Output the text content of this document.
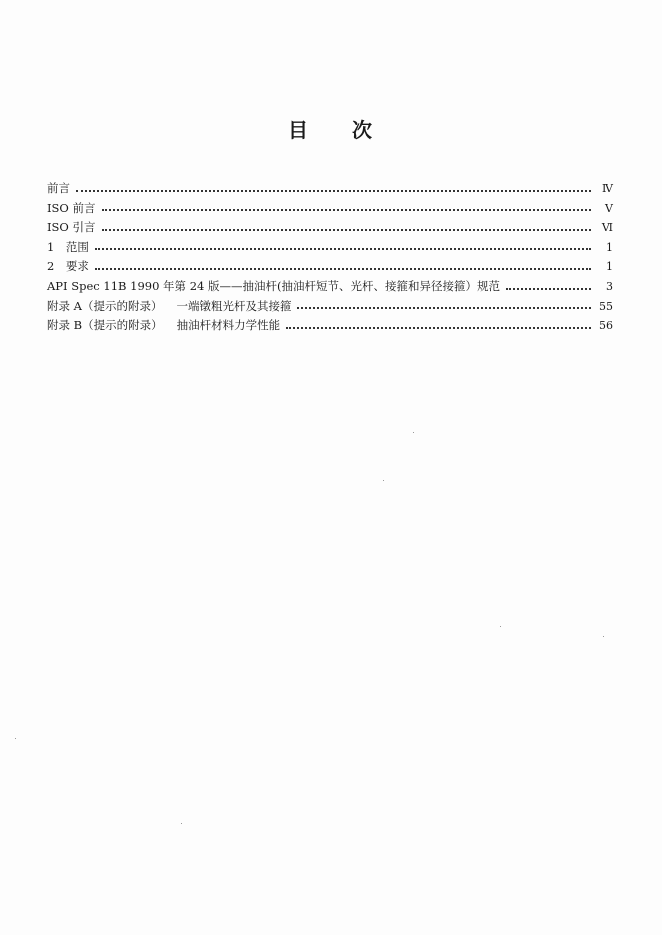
目 次
前言	Ⅳ
ISO 前言	Ⅴ
ISO 引言	Ⅵ
1　范围	1
2　要求	1
API Spec 11B 1990 年第 24 版——抽油杆(抽油杆短节、光杆、接箍和异径接箍）规范	3
附录 A（提示的附录） 一端镦粗光杆及其接箍	55
附录 B（提示的附录） 抽油杆材料力学性能	56
